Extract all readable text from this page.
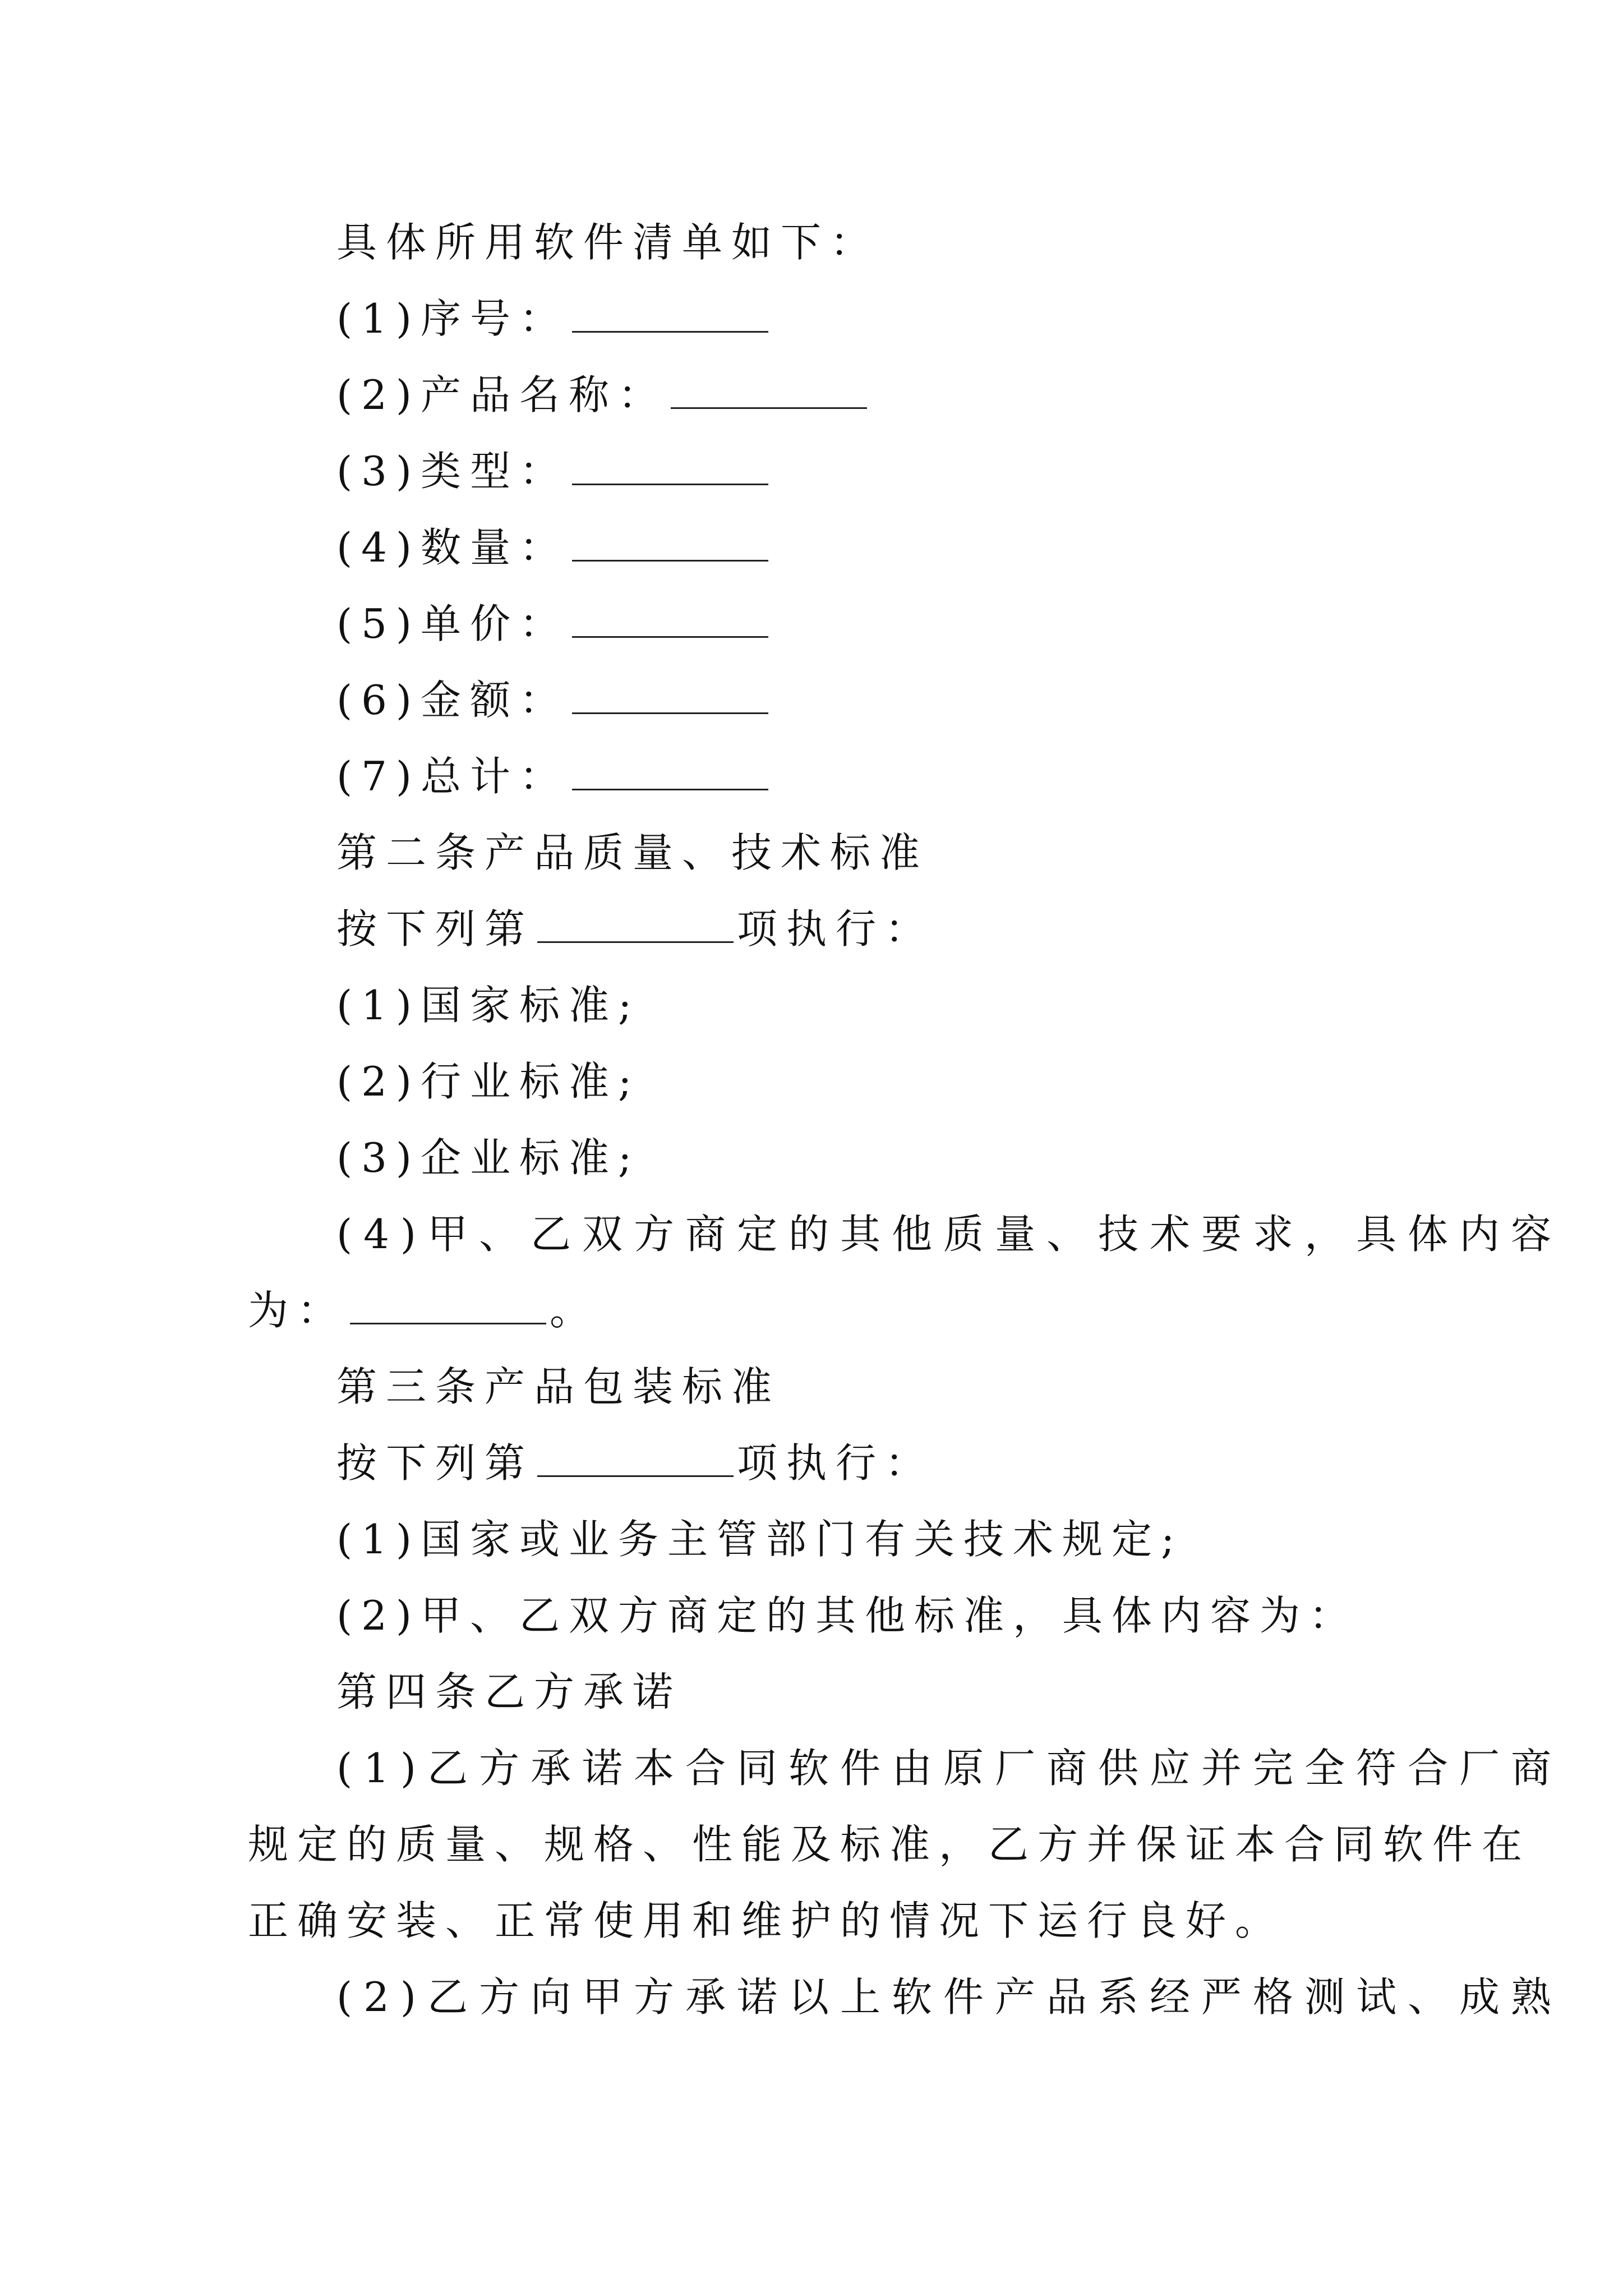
具体所用软件清单如下：
(1)序号：
(2)产品名称：
(3)类型：
(4)数量：
(5)单价：
(6)金额：
(7)总计：
第二条产品质量、技术标准
按下列第	项执行：
(1)国家标准;
(2)行业标准;
(3)企业标准;
(4)甲、乙双方商定的其他质量、技术要求，具体内容
为：	。
第三条产品包装标准
按下列第	项执行：
(1)国家或业务主管部门有关技术规定;
(2)甲、乙双方商定的其他标准，具体内容为：
第四条乙方承诺
(1)乙方承诺本合同软件由原厂商供应并完全符合厂商
规定的质量、规格、性能及标准，乙方并保证本合同软件在
正确安装、正常使用和维护的情况下运行良好。
(2)乙方向甲方承诺以上软件产品系经严格测试、成熟
